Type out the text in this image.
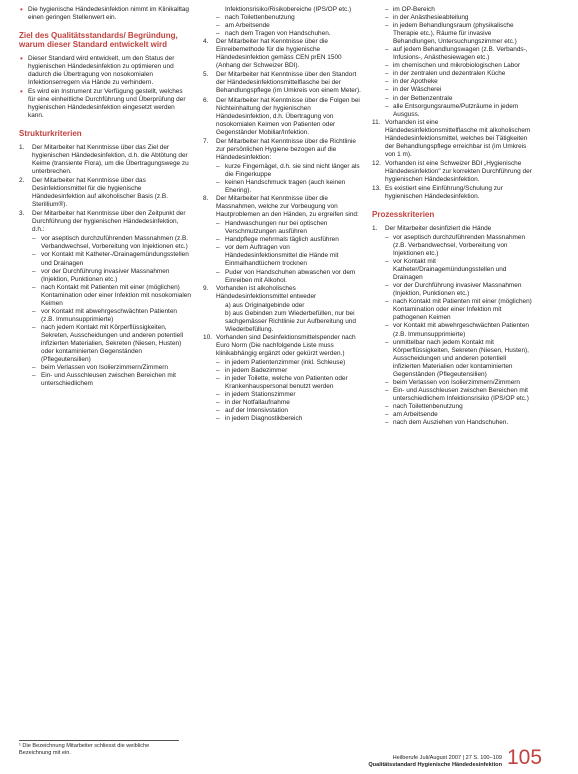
• Die hygienische Händedesinfektion nimmt im Klinikalltag einen geringen Stellenwert ein.
Ziel des Qualitätsstandards/ Begründung, warum dieser Standard entwickelt wird
• Dieser Standard wird entwickelt, um den Status der hygienischen Händedesinfektion zu optimieren und dadurch die Übertragung von nosokomialen Infektionserregern via Hände zu verhindern.
• Es wird ein Instrument zur Verfügung gestellt, welches für eine einheitliche Durchführung und Überprüfung der hygienischen Händedesinfektion eingesetzt werden kann.
Strukturkriterien
1.	Der Mitarbeiter hat Kenntnisse über das Ziel der hygienischen Händedesinfektion, d.h. die Abtötung der Keime (transiente Flora), um die Übertragungswege zu unterbrechen.
2.	Der Mitarbeiter hat Kenntnisse über das Desinfektionsmittel für die hygienische Händedesinfektion auf alkoholischer Basis (z.B. Sterillium®).
3.	Der Mitarbeiter hat Kenntnisse über den Zeitpunkt der Durchführung der hygienischen Händedesinfektion, d.h.:
– vor aseptisch durchzuführenden Massnahmen (z.B. Verbandwechsel, Vorbereitung von Injektionen etc.)
– vor Kontakt mit Katheter-/Drainagemündungsstellen und Drainagen
– vor der Durchführung invasiver Massnahmen (Injektion, Punktionen etc.)
– nach Kontakt mit Patienten mit einer (möglichen) Kontamination oder einer Infektion mit nosokomialen Keimen
– vor Kontakt mit abwehrgeschwächten Patienten (z.B. Immunsupprimierte)
– nach jedem Kontakt mit Körperflüssigkeiten, Sekreten, Ausscheidungen und anderen potentiell infizierten Materialien, Sekreten (Niesen, Husten) oder kontaminierten Gegenständen (Pflegeutensilien)
– beim Verlassen von Isolierzimmern/Zimmern
– Ein- und Ausschleusen zwischen Bereichen mit unterschiedlichem
Infektionsrisiko/Risikobereiche (IPS/OP etc.)
– nach Toilettenbenutzung
– am Arbeitsende
– nach dem Tragen von Handschuhen.
4.	Der Mitarbeiter hat Kenntnisse über die Einreibemethode für die hygienische Händedesinfektion gemäss CEN prEN 1500 (Anhang der Schweizer BDI).
5.	Der Mitarbeiter hat Kenntnisse über den Standort der Händedesinfektionsmittelflasche bei der Behandlungspflege (im Umkreis von einem Meter).
6.	Der Mitarbeiter hat Kenntnisse über die Folgen bei Nichteinhaltung der hygienischen Händedesinfektion, d.h. Übertragung von nosokomialen Keimen von Patienten oder Gegenständer Mobiliar/Infektion.
7.	Der Mitarbeiter hat Kenntnisse über die Richtlinie zur persönlichen Hygiene bezogen auf die Händedesinfektion:
– kurze Fingernägel, d.h. sie sind nicht länger als die Fingerkuppe
– keinen Handschmuck tragen (auch keinen Ehering).
8.	Der Mitarbeiter hat Kenntnisse über die Massnahmen, welche zur Vorbeugung von Hautproblemen an den Händen, zu ergreifen sind:
– Handwaschungen nur bei optischen Verschmutzungen ausführen
– Handpflege mehrmals täglich ausführen
– vor dem Auftragen von Händedesinfektionsmittel die Hände mit Einmalhandtüchern trocknen
– Puder von Handschuhen abwaschen vor dem Einreiben mit Alkohol.
9.	Vorhanden ist alkoholisches Händedesinfektionsmittel entweder
a) aus Originalgebinde oder
b) aus Gebinden zum Wiederbefüllen, nur bei sachgemässer Richtlinie zur Aufbereitung und Wiederbefüllung.
10. Vorhanden sind Desinfektionsmittelspender nach Euro Norm (Die nachfolgende Liste muss klinikabhängig ergänzt oder gekürzt werden.)
– in jedem Patientenzimmer (inkl. Schleuse)
– in jedem Badezimmer
– in jeder Toilette, welche von Patienten oder Krankenhauspersonal benutzt werden
– in jedem Stationszimmer
– in der Notfallaufnahme
– auf der Intensivstation
– in jedem Diagnostikbereich
– im OP-Bereich
– in der Anästhesieabteilung
– in jedem Behandlungsraum (physikalische Therapie etc.), Räume für invasive Behandlungen, Untersuchungszimmer etc.)
– auf jedem Behandlungswagen (z.B. Verbands-, Infusions-, Anästhesiewagen etc.)
– im chemischen und mikrobiologischen Labor
– in der zentralen und dezentralen Küche
– in der Apotheke
– in der Wäscherei
– in der Bettenzentrale
– alle Entsorgungsraume/Putzräume in jedem Ausguss.
11. Vorhanden ist eine Händedesinfektionsmittelflasche mit alkoholischem Händedesinfektionsmittel, welches bei Tätigkeiten der Behandlungspflege erreichbar ist (im Umkreis von 1 m).
12. Vorhanden ist eine Schweizer BDI „Hygienische Händedesinfektion" zur korrekten Durchführung der hygienischen Händedesinfektion.
13. Es existiert eine Einführung/Schulung zur hygienischen Händedesinfektion.
Prozesskriterien
1.	Der Mitarbeiter desinfiziert die Hände
– vor aseptisch durchzuführenden Massnahmen (z.B. Verbandwechsel, Vorbereitung von Injektionen etc.)
– vor Kontakt mit Katheter/Drainagemündungsstellen und Drainagen
– vor der Durchführung invasiver Massnahmen (Injektion, Punktionen etc.)
– nach Kontakt mit Patienten mit einer (möglichen) Kontamination oder einer Infektion mit pathogenen Keimen
– vor Kontakt mit abwehrgeschwächten Patienten (z.B. Immunsupprimierte)
– unmittelbar nach jedem Kontakt mit Körperflüssigkeiten, Sekreten (Niesen, Husten), Ausscheidungen und anderen potentiell infizierten Materialien oder kontaminierten Gegenständen (Pflegeutensilien)
– beim Verlassen von Isolierzimmern/Zimmern
– Ein- und Ausschleusen zwischen Bereichen mit unterschiedlichem Infektionsrisiko (IPS/OP etc.)
– nach Toilettenbenutzung
– am Arbeitsende
– nach dem Ausziehen von Handschuhen.
¹ Die Bezeichnung Mitarbeiter schliesst die weibliche Bezeichnung mit ein.
Heilberufe Juli/August 2007 | 27 S. 100–109
Qualitätsstandard Hygienische Händedesinfektion 105
